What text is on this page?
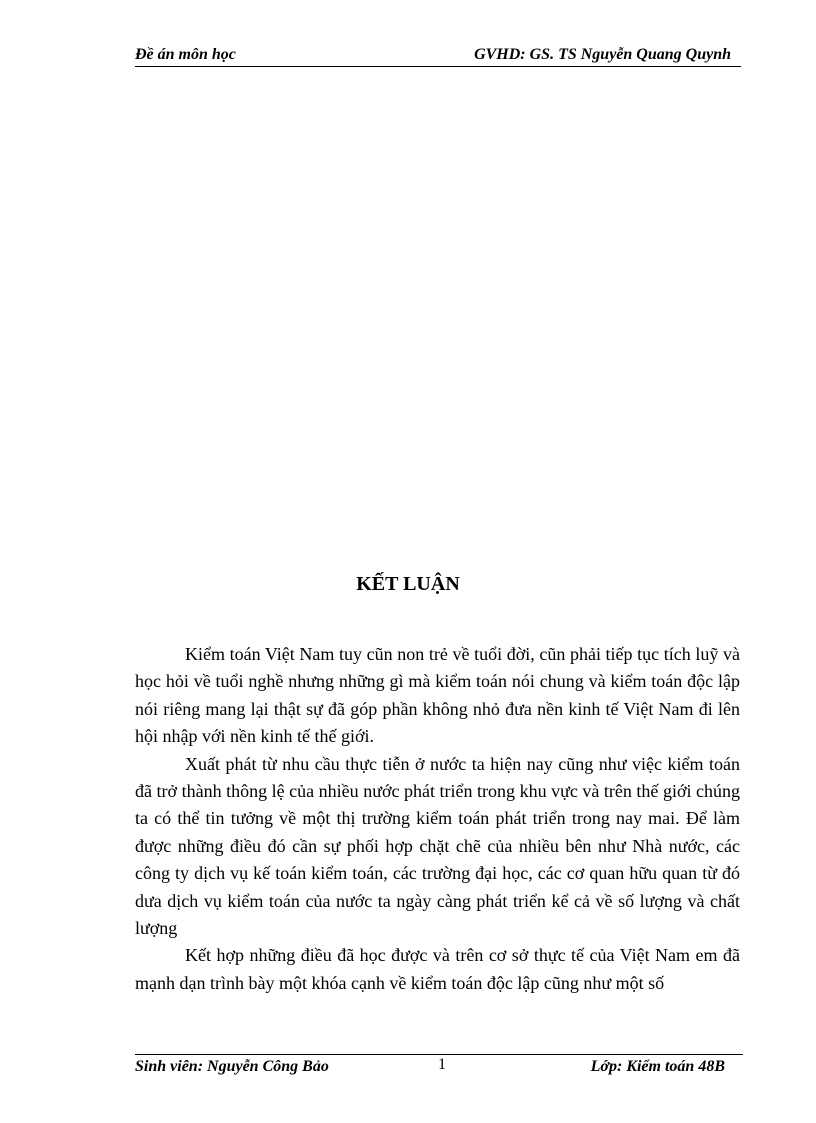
Đề án môn học	GVHD: GS. TS Nguyễn Quang Quynh
KẾT LUẬN

Kiểm toán Việt Nam tuy cũn non trẻ về tuổi đời, cũn phải tiếp tục tích luỹ và học hỏi về tuổi nghề nhưng những gì mà kiểm toán nói chung và kiểm toán độc lập nói riêng mang lại thật sự đã góp phần không nhỏ đưa nền kinh tế Việt Nam đi lên hội nhập với nền kinh tế thế giới.

Xuất phát từ nhu cầu thực tiễn ở nước ta hiện nay cũng như việc kiểm toán đã trở thành thông lệ của nhiều nước phát triển trong khu vực và trên thế giới chúng ta có thể tin tưởng về một thị trường kiểm toán phát triển trong nay mai. Để làm được những điều đó cần sự phối hợp chặt chẽ của nhiều bên như Nhà nước, các công ty dịch vụ kế toán kiểm toán, các trường đại học, các cơ quan hữu quan từ đó dưa dịch vụ kiểm toán của nước ta ngày càng phát triển kể cả về số lượng và chất lượng

Kết hợp những điều đã học được và trên cơ sở thực tế của Việt Nam em đã mạnh dạn trình bày một khóa cạnh về kiểm toán độc lập cũng như một số

Sinh viên: Nguyễn Công Bảo	1	Lớp: Kiểm toán 48B
